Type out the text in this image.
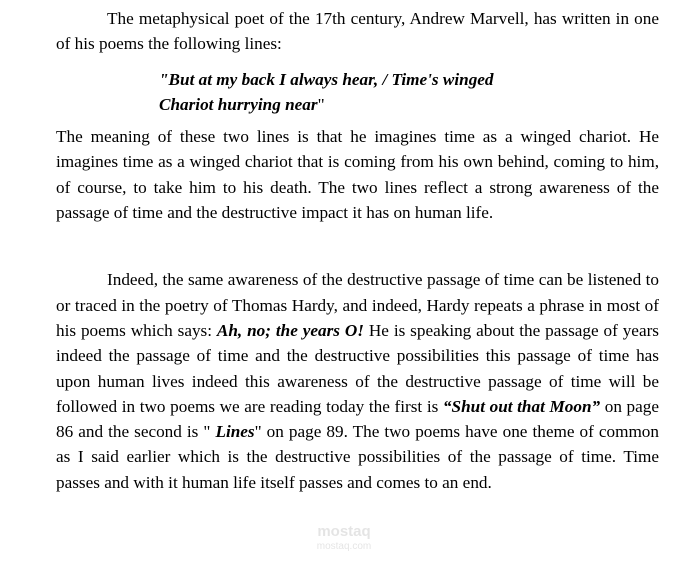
The metaphysical poet of the 17th century, Andrew Marvell, has written in one of his poems the following lines:

"But at my back I always hear, / Time's winged
Chariot hurrying near"

The meaning of these two lines is that he imagines time as a winged chariot. He imagines time as a winged chariot that is coming from his own behind, coming to him, of course, to take him to his death. The two lines reflect a strong awareness of the passage of time and the destructive impact it has on human life.

Indeed, the same awareness of the destructive passage of time can be listened to or traced in the poetry of Thomas Hardy, and indeed, Hardy repeats a phrase in most of his poems which says: Ah, no; the years O! He is speaking about the passage of years indeed the passage of time and the destructive possibilities this passage of time has upon human lives indeed this awareness of the destructive passage of time will be followed in two poems we are reading today the first is “Shut out that Moon” on page 86 and the second is " Lines" on page 89. The two poems have one theme of common as I said earlier which is the destructive possibilities of the passage of time. Time passes and with it human life itself passes and comes to an end.

mostaq
mostaq.com
